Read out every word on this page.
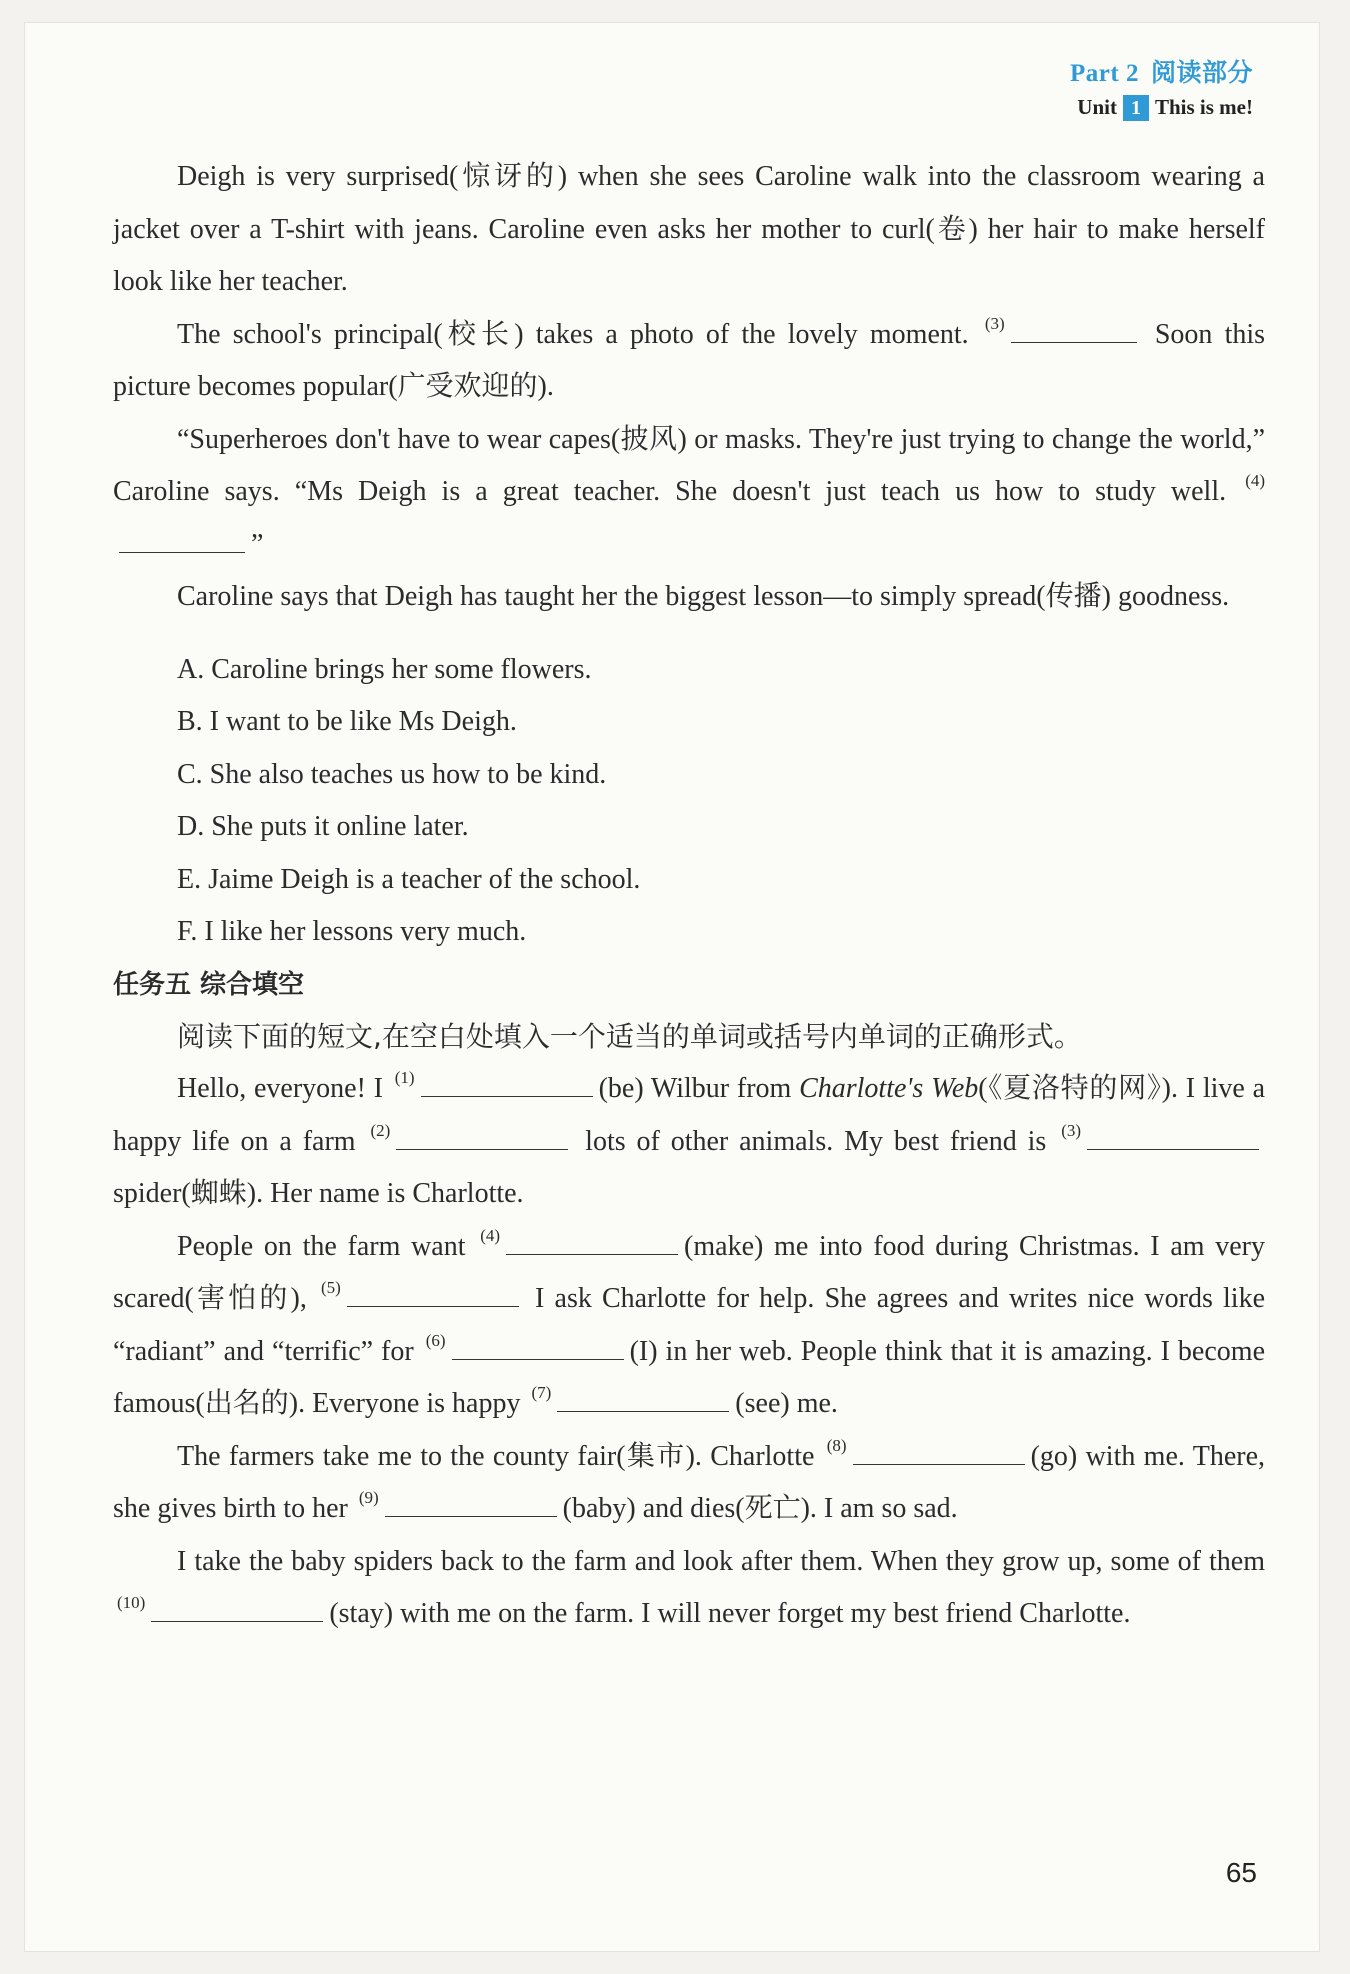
Part 2 阅读部分
Unit 1 This is me!

Deigh is very surprised(惊讶的) when she sees Caroline walk into the classroom wearing a jacket over a T-shirt with jeans. Caroline even asks her mother to curl(卷) her hair to make herself look like her teacher.

The school's principal(校长) takes a photo of the lovely moment. $^{(3)}$	Soon this picture becomes popular(广受欢迎的).

“Superheroes don't have to wear capes(披风) or masks. They're just trying to change the world,” Caroline says. “Ms Deigh is a great teacher. She doesn't just teach us how to study well. $^{(4)}$”

Caroline says that Deigh has taught her the biggest lesson—to simply spread(传播) goodness.

A. Caroline brings her some flowers.
B. I want to be like Ms Deigh.
C. She also teaches us how to be kind.
D. She puts it online later.
E. Jaime Deigh is a teacher of the school.
F. I like her lessons very much.

任务五 综合填空

阅读下面的短文,在空白处填入一个适当的单词或括号内单词的正确形式。

Hello, everyone! I $^{(1)}$	(be) Wilbur from Charlotte's Web(《夏洛特的网》). I live a happy life on a farm $^{(2)}$	lots of other animals. My best friend is $^{(3)}$ spider(蜘蛛). Her name is Charlotte.

People on the farm want $^{(4)}$	(make) me into food during Christmas. I am very scared(害怕的), $^{(5)}$	I ask Charlotte for help. She agrees and writes nice words like “radiant” and “terrific” for $^{(6)}$	(I) in her web. People think that it is amazing. I become famous(出名的). Everyone is happy $^{(7)}$	(see) me.

The farmers take me to the county fair(集市). Charlotte $^{(8)}$	(go) with me. There, she gives birth to her $^{(9)}$	(baby) and dies(死亡). I am so sad.

I take the baby spiders back to the farm and look after them. When they grow up, some of them $^{(10)}$	(stay) with me on the farm. I will never forget my best friend Charlotte.

65
